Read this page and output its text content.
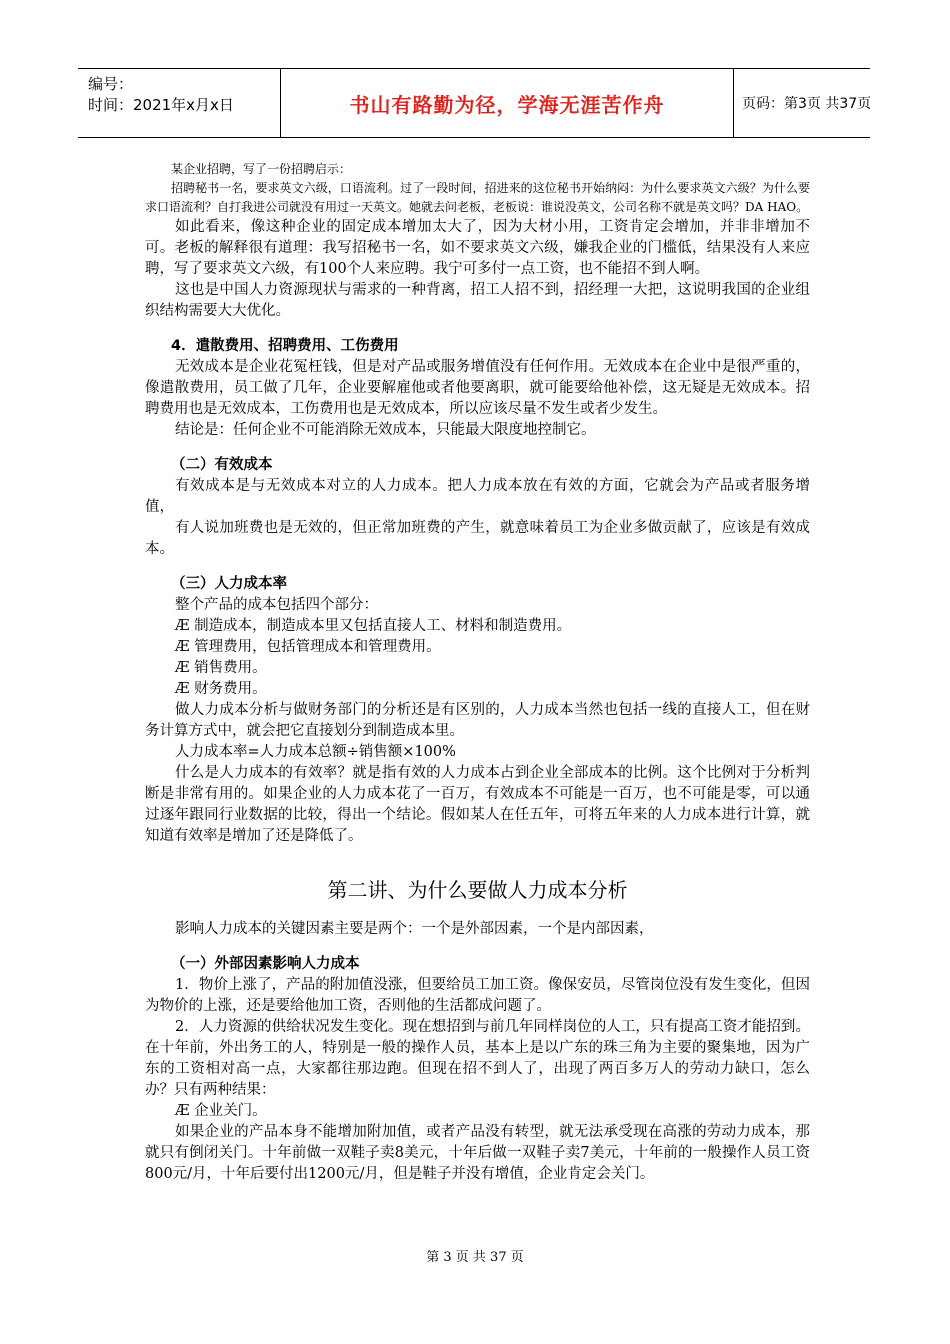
编号：
时间：2021年x月x日	书山有路勤为径，学海无涯苦作舟	页码：第3页 共37页

某企业招聘，写了一份招聘启示：

招聘秘书一名，要求英文六级，口语流利。过了一段时间，招进来的这位秘书开始纳闷：为什么要求英文六级？为什么要求口语流利？自打我进公司就没有用过一天英文。她就去问老板，老板说：谁说没英文，公司名称不就是英文吗？DA HAO。

如此看来，像这种企业的固定成本增加太大了，因为大材小用，工资肯定会增加，并非非增加不可。老板的解释很有道理：我写招秘书一名，如不要求英文六级，嫌我企业的门槛低，结果没有人来应聘，写了要求英文六级，有100个人来应聘。我宁可多付一点工资，也不能招不到人啊。

这也是中国人力资源现状与需求的一种背离，招工人招不到，招经理一大把，这说明我国的企业组织结构需要大大优化。

4．遣散费用、招聘费用、工伤费用

无效成本是企业花冤枉钱，但是对产品或服务增值没有任何作用。无效成本在企业中是很严重的，像遣散费用，员工做了几年，企业要解雇他或者他要离职，就可能要给他补偿，这无疑是无效成本。招聘费用也是无效成本，工伤费用也是无效成本，所以应该尽量不发生或者少发生。

结论是：任何企业不可能消除无效成本，只能最大限度地控制它。

（二）有效成本

有效成本是与无效成本对立的人力成本。把人力成本放在有效的方面，它就会为产品或者服务增值，

有人说加班费也是无效的，但正常加班费的产生，就意味着员工为企业多做贡献了，应该是有效成本。

（三）人力成本率

整个产品的成本包括四个部分：

Æ 制造成本，制造成本里又包括直接人工、材料和制造费用。

Æ 管理费用，包括管理成本和管理费用。

Æ 销售费用。

Æ 财务费用。

做人力成本分析与做财务部门的分析还是有区别的，人力成本当然也包括一线的直接人工，但在财务计算方式中，就会把它直接划分到制造成本里。

人力成本率=人力成本总额÷销售额×100%

什么是人力成本的有效率？就是指有效的人力成本占到企业全部成本的比例。这个比例对于分析判断是非常有用的。如果企业的人力成本花了一百万，有效成本不可能是一百万，也不可能是零，可以通过逐年跟同行业数据的比较，得出一个结论。假如某人在任五年，可将五年来的人力成本进行计算，就知道有效率是增加了还是降低了。

第二讲、为什么要做人力成本分析

影响人力成本的关键因素主要是两个：一个是外部因素，一个是内部因素，

（一）外部因素影响人力成本

1．物价上涨了，产品的附加值没涨，但要给员工加工资。像保安员，尽管岗位没有发生变化，但因为物价的上涨，还是要给他加工资，否则他的生活都成问题了。

2．人力资源的供给状况发生变化。现在想招到与前几年同样岗位的人工，只有提高工资才能招到。在十年前，外出务工的人，特别是一般的操作人员，基本上是以广东的珠三角为主要的聚集地，因为广东的工资相对高一点，大家都往那边跑。但现在招不到人了，出现了两百多万人的劳动力缺口，怎么办？只有两种结果：

Æ 企业关门。

如果企业的产品本身不能增加附加值，或者产品没有转型，就无法承受现在高涨的劳动力成本，那就只有倒闭关门。十年前做一双鞋子卖8美元，十年后做一双鞋子卖7美元，十年前的一般操作人员工资800元/月，十年后要付出1200元/月，但是鞋子并没有增值，企业肯定会关门。

第 3 页 共 37 页
